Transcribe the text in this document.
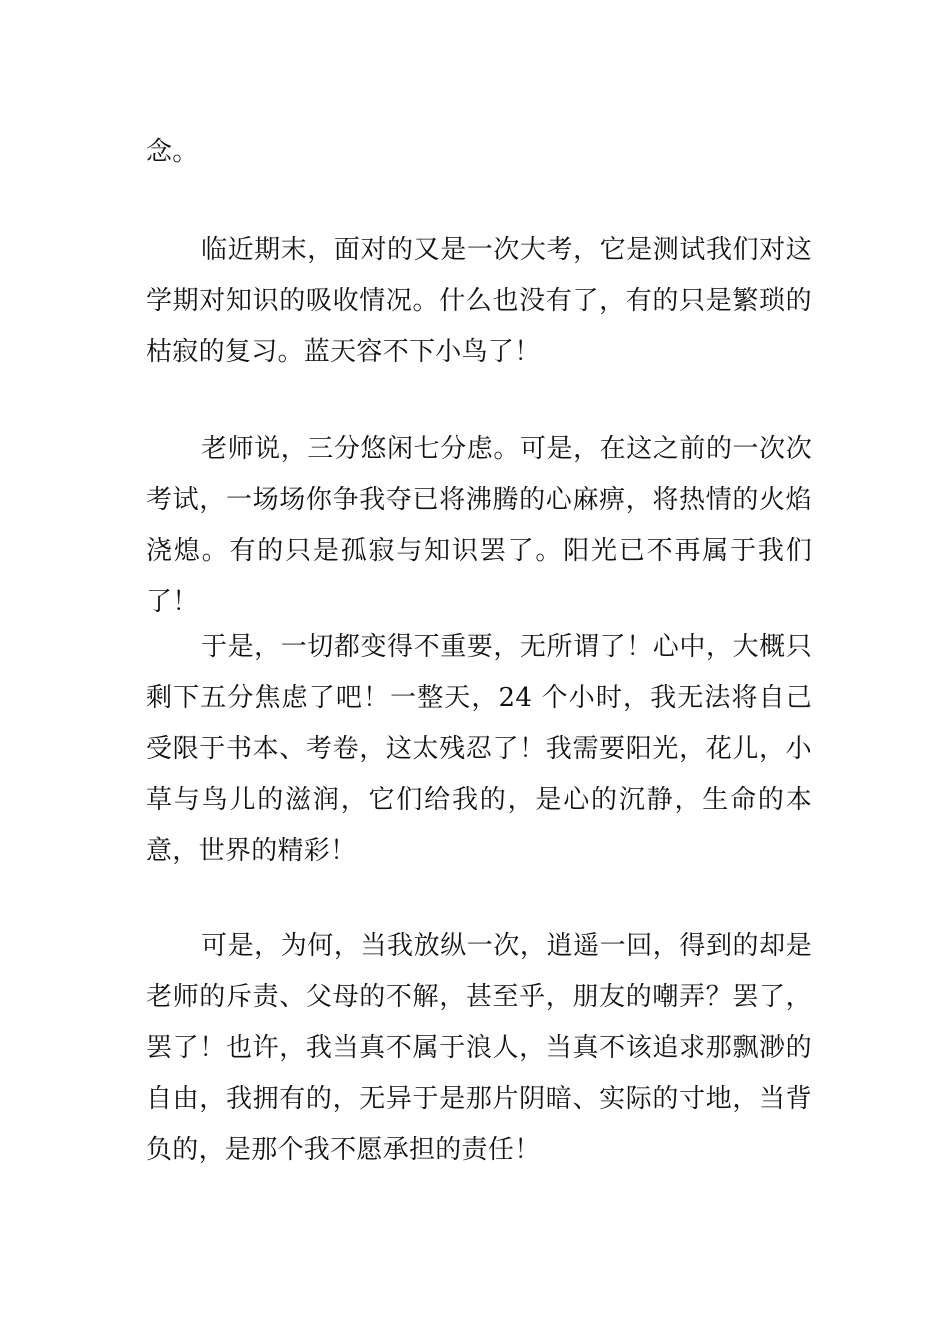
念。

临近期末，面对的又是一次大考，它是测试我们对这学期对知识的吸收情况。什么也没有了，有的只是繁琐的枯寂的复习。蓝天容不下小鸟了！

老师说，三分悠闲七分虑。可是，在这之前的一次次考试，一场场你争我夺已将沸腾的心麻痹，将热情的火焰浇熄。有的只是孤寂与知识罢了。阳光已不再属于我们了！

于是，一切都变得不重要，无所谓了！心中，大概只剩下五分焦虑了吧！一整天，24 个小时，我无法将自己受限于书本、考卷，这太残忍了！我需要阳光，花儿，小草与鸟儿的滋润，它们给我的，是心的沉静，生命的本意，世界的精彩！

可是，为何，当我放纵一次，逍遥一回，得到的却是老师的斥责、父母的不解，甚至乎，朋友的嘲弄？罢了，罢了！也许，我当真不属于浪人，当真不该追求那飘渺的自由，我拥有的，无异于是那片阴暗、实际的寸地，当背负的，是那个我不愿承担的责任！
